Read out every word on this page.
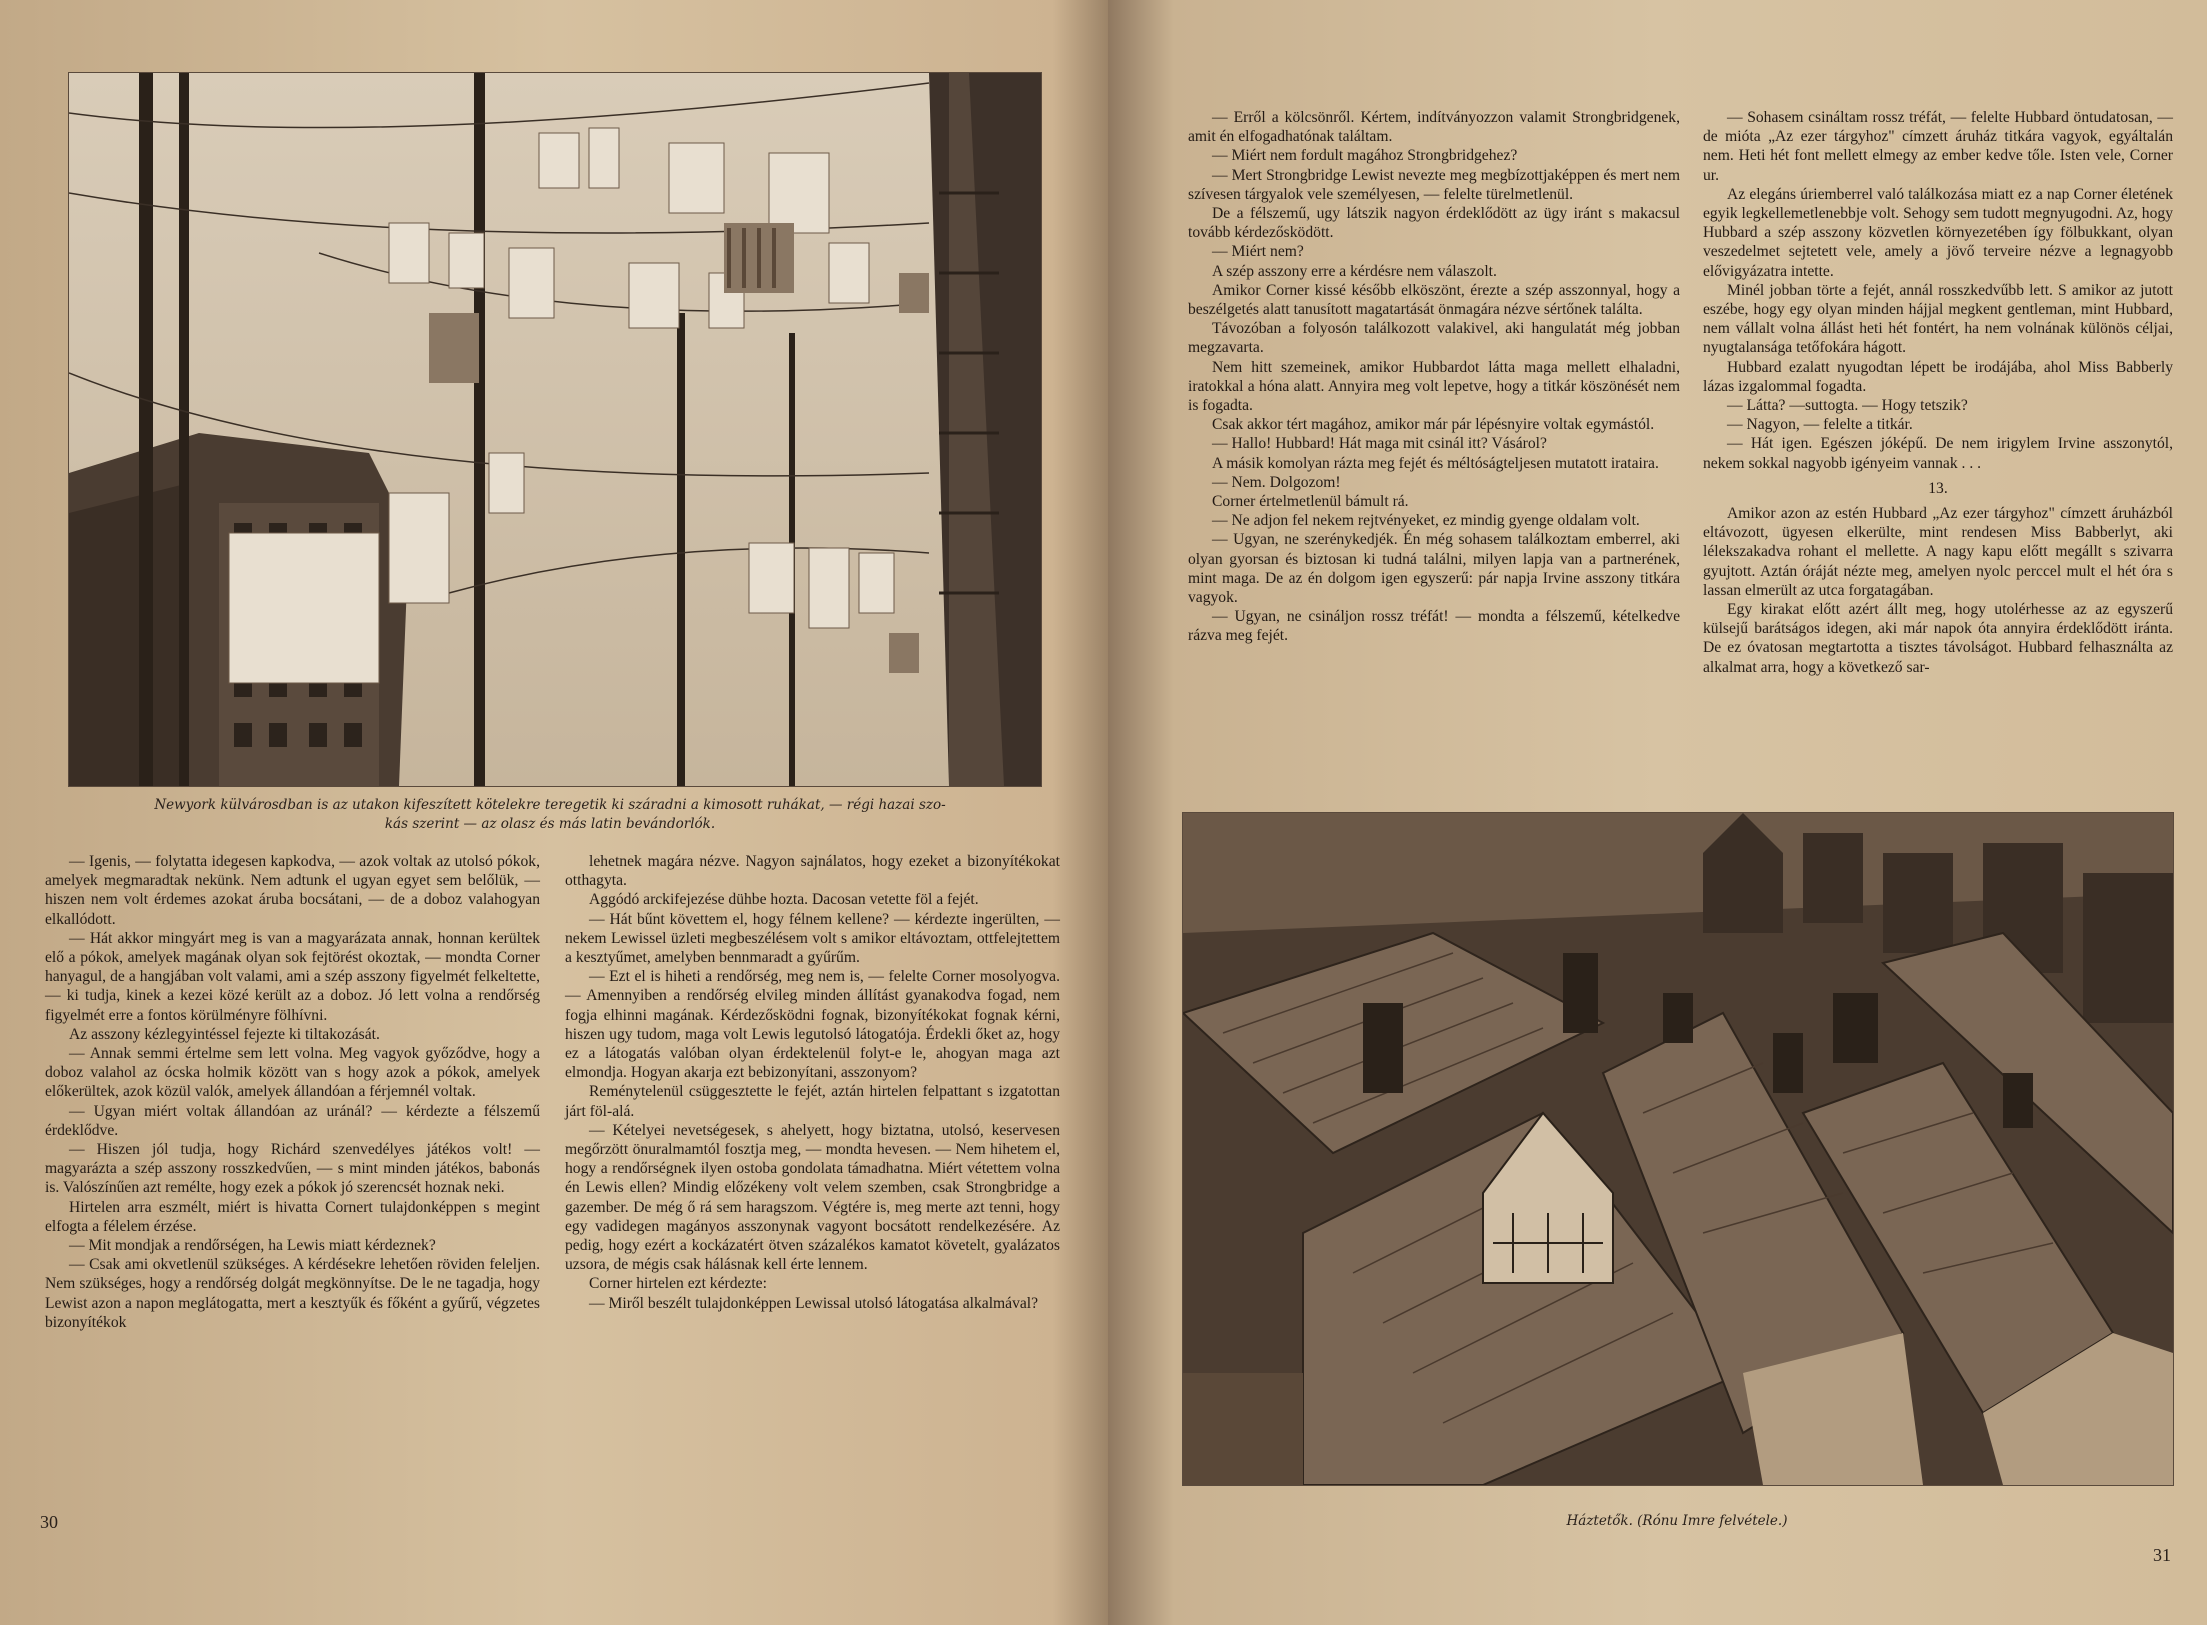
Newyork külvárosdban is az utakon kifeszített kötelekre teregetik ki száradni a kimosott ruhákat, — régi hazai szo-
kás szerint — az olasz és más latin bevándorlók.

— Igenis, — folytatta idegesen kapkodva, — azok voltak az utolsó pókok, amelyek megmaradtak nekünk. Nem adtunk el ugyan egyet sem belőlük, — hiszen nem volt érdemes azokat áruba bocsátani, — de a doboz valahogyan elkallódott.

— Hát akkor mingyárt meg is van a magyarázata annak, honnan kerültek elő a pókok, amelyek magának olyan sok fejtörést okoztak, — mondta Corner hanyagul, de a hangjában volt valami, ami a szép asszony figyelmét felkeltette, — ki tudja, kinek a kezei közé került az a doboz. Jó lett volna a rendőrség figyelmét erre a fontos körülményre fölhívni.

Az asszony kézlegyintéssel fejezte ki tiltakozását.

— Annak semmi értelme sem lett volna. Meg vagyok győződve, hogy a doboz valahol az ócska holmik között van s hogy azok a pókok, amelyek előkerültek, azok közül valók, amelyek állandóan a férjemnél voltak.

— Ugyan miért voltak állandóan az uránál? — kérdezte a félszemű érdeklődve.

— Hiszen jól tudja, hogy Richárd szenvedélyes játékos volt! — magyarázta a szép asszony rosszkedvűen, — s mint minden játékos, babonás is. Valószínűen azt remélte, hogy ezek a pókok jó szerencsét hoznak neki.

Hirtelen arra eszmélt, miért is hivatta Cornert tulajdonképpen s megint elfogta a félelem érzése.

— Mit mondjak a rendőrségen, ha Lewis miatt kérdeznek?

— Csak ami okvetlenül szükséges. A kérdésekre lehetően röviden feleljen. Nem szükséges, hogy a rendőrség dolgát megkönnyítse. De le ne tagadja, hogy Lewist azon a napon meglátogatta, mert a kesztyűk és főként a gyűrű, végzetes bizonyítékok

lehetnek magára nézve. Nagyon sajnálatos, hogy ezeket a bizonyítékokat otthagyta.

Aggódó arckifejezése dühbe hozta. Dacosan vetette föl a fejét.

— Hát bűnt követtem el, hogy félnem kellene? — kérdezte ingerülten, — nekem Lewissel üzleti megbeszélésem volt s amikor eltávoztam, ottfelejtettem a kesztyűmet, amelyben bennmaradt a gyűrűm.

— Ezt el is hiheti a rendőrség, meg nem is, — felelte Corner mosolyogva. — Amennyiben a rendőrség elvileg minden állítást gyanakodva fogad, nem fogja elhinni magának. Kérdezősködni fognak, bizonyítékokat fognak kérni, hiszen ugy tudom, maga volt Lewis legutolsó látogatója. Érdekli őket az, hogy ez a látogatás valóban olyan érdektelenül folyt-e le, ahogyan maga azt elmondja. Hogyan akarja ezt bebizonyítani, asszonyom?

Reménytelenül csüggesztette le fejét, aztán hirtelen felpattant s izgatottan járt föl-alá.

— Kételyei nevetségesek, s ahelyett, hogy biztatna, utolsó, keservesen megőrzött önuralmamtól fosztja meg, — mondta hevesen. — Nem hihetem el, hogy a rendőrségnek ilyen ostoba gondolata támadhatna. Miért vétettem volna én Lewis ellen? Mindig előzékeny volt velem szemben, csak Strongbridge a gazember. De még ő rá sem haragszom. Végtére is, meg merte azt tenni, hogy egy vadidegen magányos asszonynak vagyont bocsátott rendelkezésére. Az pedig, hogy ezért a kockázatért ötven százalékos kamatot követelt, gyalázatos uzsora, de mégis csak hálásnak kell érte lennem.

Corner hirtelen ezt kérdezte:

— Miről beszélt tulajdonképpen Lewissal utolsó látogatása alkalmával?

30

— Erről a kölcsönről. Kértem, indítványozzon valamit Strongbridgenek, amit én elfogadhatónak találtam.

— Miért nem fordult magához Strongbridgehez?

— Mert Strongbridge Lewist nevezte meg megbízottjaképpen és mert nem szívesen tárgyalok vele személyesen, — felelte türelmetlenül.

De a félszemű, ugy látszik nagyon érdeklődött az ügy iránt s makacsul tovább kérdezősködött.

— Miért nem?

A szép asszony erre a kérdésre nem válaszolt.

Amikor Corner kissé később elköszönt, érezte a szép asszonnyal, hogy a beszélgetés alatt tanusított magatartását önmagára nézve sértőnek találta.

Távozóban a folyosón találkozott valakivel, aki hangulatát még jobban megzavarta.

Nem hitt szemeinek, amikor Hubbardot látta maga mellett elhaladni, iratokkal a hóna alatt. Annyira meg volt lepetve, hogy a titkár köszönését nem is fogadta.

Csak akkor tért magához, amikor már pár lépésnyire voltak egymástól.

— Hallo! Hubbard! Hát maga mit csinál itt? Vásárol?

A másik komolyan rázta meg fejét és méltóságteljesen mutatott irataira.

— Nem. Dolgozom!

Corner értelmetlenül bámult rá.

— Ne adjon fel nekem rejtvényeket, ez mindig gyenge oldalam volt.

— Ugyan, ne szerénykedjék. Én még sohasem találkoztam emberrel, aki olyan gyorsan és biztosan ki tudná találni, milyen lapja van a partnerének, mint maga. De az én dolgom igen egyszerű: pár napja Irvine asszony titkára vagyok.

— Ugyan, ne csináljon rossz tréfát! — mondta a félszemű, kételkedve rázva meg fejét.

— Sohasem csináltam rossz tréfát, — felelte Hubbard öntudatosan, — de mióta „Az ezer tárgyhoz" címzett áruház titkára vagyok, egyáltalán nem. Heti hét font mellett elmegy az ember kedve tőle. Isten vele, Corner ur.

Az elegáns úriemberrel való találkozása miatt ez a nap Corner életének egyik legkellemetlenebbje volt. Sehogy sem tudott megnyugodni. Az, hogy Hubbard a szép asszony közvetlen környezetében így fölbukkant, olyan veszedelmet sejtetett vele, amely a jövő terveire nézve a legnagyobb elővigyázatra intette.

Minél jobban törte a fejét, annál rosszkedvűbb lett. S amikor az jutott eszébe, hogy egy olyan minden hájjal megkent gentleman, mint Hubbard, nem vállalt volna állást heti hét fontért, ha nem volnának különös céljai, nyugtalansága tetőfokára hágott.

Hubbard ezalatt nyugodtan lépett be irodájába, ahol Miss Babberly lázas izgalommal fogadta.

— Látta? —suttogta. — Hogy tetszik?

— Nagyon, — felelte a titkár.

— Hát igen. Egészen jóképű. De nem irigylem Irvine asszonytól, nekem sokkal nagyobb igényeim vannak . . .

13.

Amikor azon az estén Hubbard „Az ezer tárgyhoz" címzett áruházból eltávozott, ügyesen elkerülte, mint rendesen Miss Babberlyt, aki lélekszakadva rohant el mellette. A nagy kapu előtt megállt s szivarra gyujtott. Aztán óráját nézte meg, amelyen nyolc perccel mult el hét óra s lassan elmerült az utca forgatagában.

Egy kirakat előtt azért állt meg, hogy utolérhesse az az egyszerű külsejű barátságos idegen, aki már napok óta annyira érdeklődött iránta. De ez óvatosan megtartotta a tisztes távolságot. Hubbard felhasználta az alkalmat arra, hogy a következő sar-

Háztetők. (Rónu Imre felvétele.)
31
